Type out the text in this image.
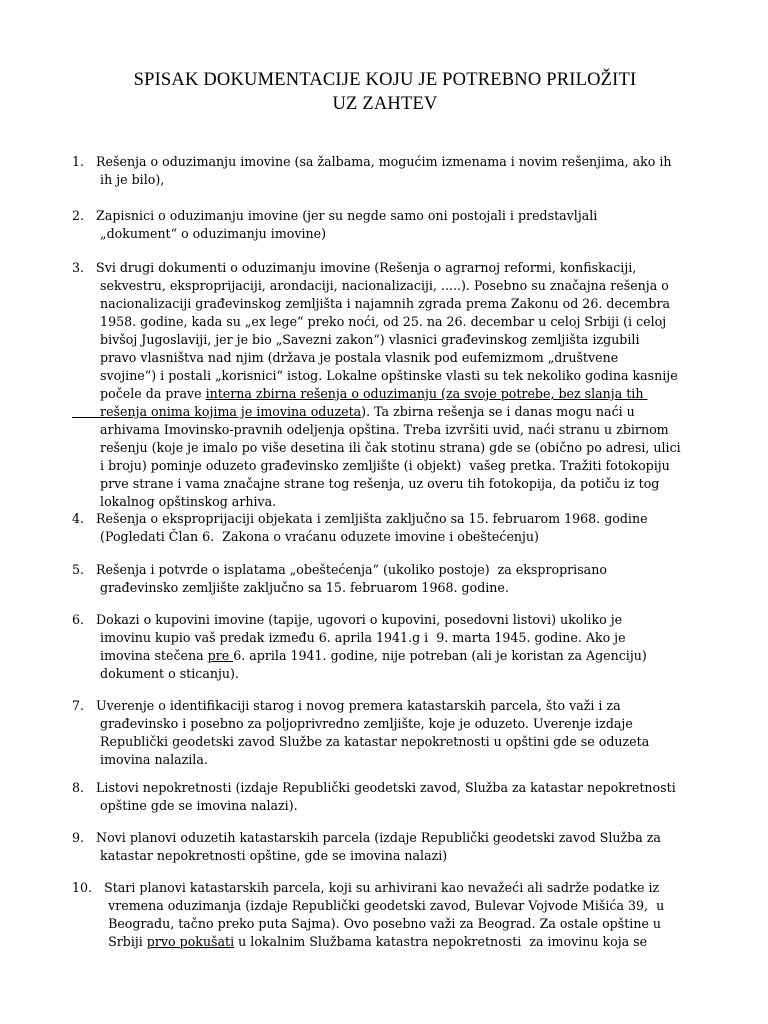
SPISAK DOKUMENTACIJE KOJU JE POTREBNO PRILOŽITI
UZ ZAHTEV
1.   Rešenja o oduzimanju imovine (sa žalbama, mogućim izmenama i novim rešenjima, ako ih
ih je bilo),
2.   Zapisnici o oduzimanju imovine (jer su negde samo oni postojali i predstavljali
„dokument“ o oduzimanju imovine)
3.   Svi drugi dokumenti o oduzimanju imovine (Rešenja o agrarnoj reformi, konfiskaciji,
sekvestru, eksproprijaciji, arondaciji, nacionalizaciji, .....). Posebno su značajna rešenja o
nacionalizaciji građevinskog zemljišta i najamnih zgrada prema Zakonu od 26. decembra
1958. godine, kada su „ex lege“ preko noći, od 25. na 26. decembar u celoj Srbiji (i celoj
bivšoj Jugoslaviji, jer je bio „Savezni zakon“) vlasnici građevinskog zemljišta izgubili
pravo vlasništva nad njim (država je postala vlasnik pod eufemizmom „društvene
svojine“) i postali „korisnici“ istog. Lokalne opštinske vlasti su tek nekoliko godina kasnije
počele da prave interna zbirna rešenja o oduzimanju (za svoje potrebe, bez slanja tih
rešenja onima kojima je imovina oduzeta). Ta zbirna rešenja se i danas mogu naći u
arhivama Imovinsko-pravnih odeljenja opština. Treba izvršiti uvid, naći stranu u zbirnom
rešenju (koje je imalo po više desetina ili čak stotinu strana) gde se (obično po adresi, ulici
i broju) pominje oduzeto građevinsko zemljište (i objekt)  vašeg pretka. Tražiti fotokopiju
prve strane i vama značajne strane tog rešenja, uz overu tih fotokopija, da potiču iz tog
lokalnog opštinskog arhiva.
4.   Rešenja o eksproprijaciji objekata i zemljišta zaključno sa 15. februarom 1968. godine
(Pogledati Član 6.  Zakona o vraćanu oduzete imovine i obeštećenju)
5.   Rešenja i potvrde o isplatama „obeštećenja“ (ukoliko postoje)  za eksproprisano
građevinsko zemljište zaključno sa 15. februarom 1968. godine.
6.   Dokazi o kupovini imovine (tapije, ugovori o kupovini, posedovni listovi) ukoliko je
imovinu kupio vaš predak između 6. aprila 1941.g i  9. marta 1945. godine. Ako je
imovina stečena pre 6. aprila 1941. godine, nije potreban (ali je koristan za Agenciju)
dokument o sticanju).
7.   Uverenje o identifikaciji starog i novog premera katastarskih parcela, što važi i za
građevinsko i posebno za poljoprivredno zemljište, koje je oduzeto. Uverenje izdaje
Republički geodetski zavod Službe za katastar nepokretnosti u opštini gde se oduzeta
imovina nalazila.
8.   Listovi nepokretnosti (izdaje Republički geodetski zavod, Služba za katastar nepokretnosti
opštine gde se imovina nalazi).
9.   Novi planovi oduzetih katastarskih parcela (izdaje Republički geodetski zavod Služba za
katastar nepokretnosti opštine, gde se imovina nalazi)
10.   Stari planovi katastarskih parcela, koji su arhivirani kao nevažeći ali sadrže podatke iz
vremena oduzimanja (izdaje Republički geodetski zavod, Bulevar Vojvode Mišića 39,  u
Beogradu, tačno preko puta Sajma). Ovo posebno važi za Beograd. Za ostale opštine u
Srbiji prvo pokušati u lokalnim Službama katastra nepokretnosti  za imovinu koja se
